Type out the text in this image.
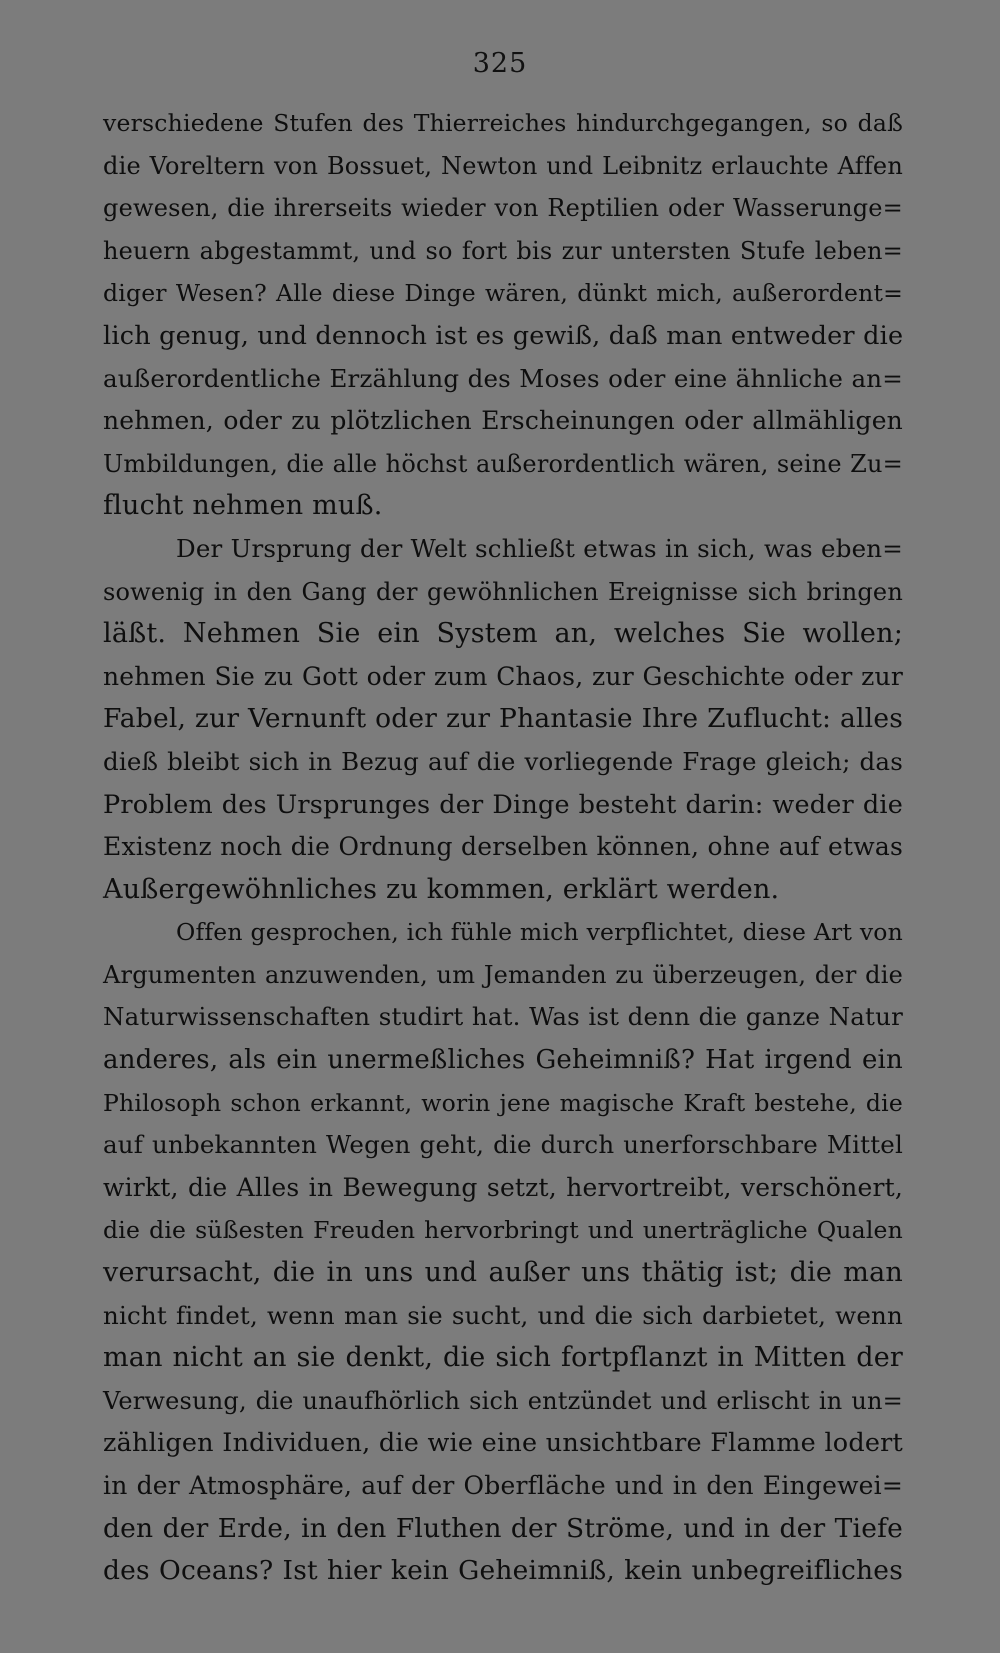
325
verschiedene Stufen des Thierreiches hindurchgegangen, so daß
die Voreltern von Bossuet, Newton und Leibnitz erlauchte Affen
gewesen, die ihrerseits wieder von Reptilien oder Wasserunge=
heuern abgestammt, und so fort bis zur untersten Stufe leben=
diger Wesen? Alle diese Dinge wären, dünkt mich, außerordent=
lich genug, und dennoch ist es gewiß, daß man entweder die
außerordentliche Erzählung des Moses oder eine ähnliche an=
nehmen, oder zu plötzlichen Erscheinungen oder allmähligen
Umbildungen, die alle höchst außerordentlich wären, seine Zu=
flucht nehmen muß.
Der Ursprung der Welt schließt etwas in sich, was eben=
sowenig in den Gang der gewöhnlichen Ereignisse sich bringen
läßt. Nehmen Sie ein System an, welches Sie wollen;
nehmen Sie zu Gott oder zum Chaos, zur Geschichte oder zur
Fabel, zur Vernunft oder zur Phantasie Ihre Zuflucht: alles
dieß bleibt sich in Bezug auf die vorliegende Frage gleich; das
Problem des Ursprunges der Dinge besteht darin: weder die
Existenz noch die Ordnung derselben können, ohne auf etwas
Außergewöhnliches zu kommen, erklärt werden.
Offen gesprochen, ich fühle mich verpflichtet, diese Art von
Argumenten anzuwenden, um Jemanden zu überzeugen, der die
Naturwissenschaften studirt hat. Was ist denn die ganze Natur
anderes, als ein unermeßliches Geheimniß? Hat irgend ein
Philosoph schon erkannt, worin jene magische Kraft bestehe, die
auf unbekannten Wegen geht, die durch unerforschbare Mittel
wirkt, die Alles in Bewegung setzt, hervortreibt, verschönert,
die die süßesten Freuden hervorbringt und unerträgliche Qualen
verursacht, die in uns und außer uns thätig ist; die man
nicht findet, wenn man sie sucht, und die sich darbietet, wenn
man nicht an sie denkt, die sich fortpflanzt in Mitten der
Verwesung, die unaufhörlich sich entzündet und erlischt in un=
zähligen Individuen, die wie eine unsichtbare Flamme lodert
in der Atmosphäre, auf der Oberfläche und in den Eingewei=
den der Erde, in den Fluthen der Ströme, und in der Tiefe
des Oceans? Ist hier kein Geheimniß, kein unbegreifliches
